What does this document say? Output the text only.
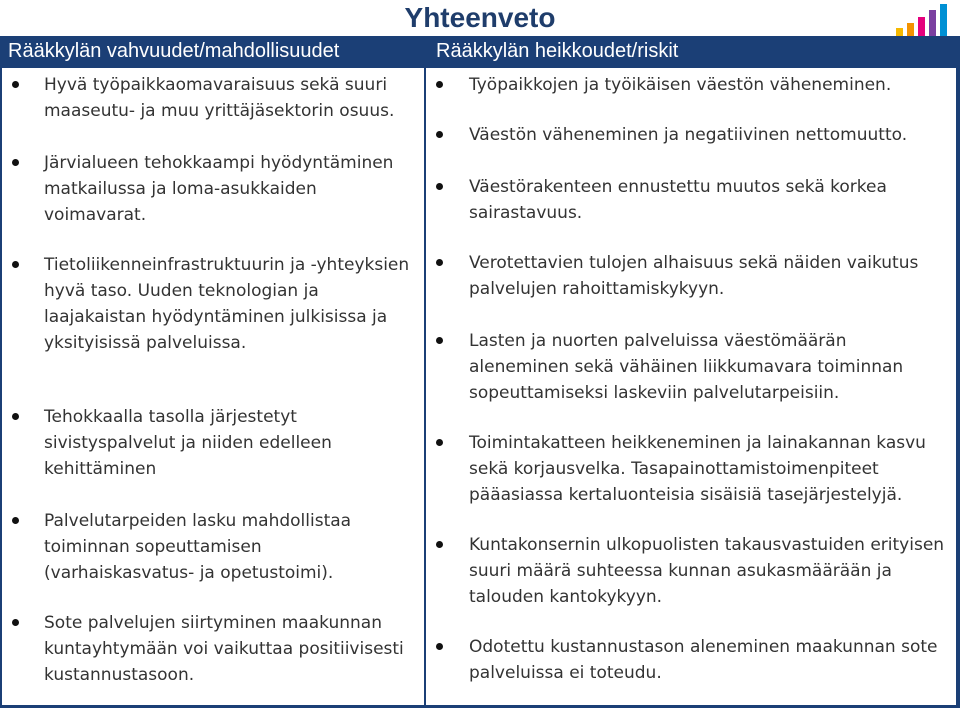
Yhteenveto
Rääkkylän vahvuudet/mahdollisuudet	Rääkkylän heikkoudet/riskit
Hyvä työpaikkaomavaraisuus sekä suuri maaseutu- ja muu yrittäjäsektorin osuus.
Järvialueen tehokkaampi hyödyntäminen matkailussa ja loma-asukkaiden voimavarat.
Tietoliikenneinfrastruktuurin ja -yhteyksien hyvä taso. Uuden teknologian ja laajakaistan hyödyntäminen julkisissa ja yksityisissä palveluissa.
Tehokkaalla tasolla järjestetyt sivistyspalvelut ja niiden edelleen kehittäminen
Palvelutarpeiden lasku mahdollistaa toiminnan sopeuttamisen (varhaiskasvatus- ja opetustoimi).
Sote palvelujen siirtyminen maakunnan kuntayhtymään voi vaikuttaa positiivisesti kustannustasoon.
Työpaikkojen ja työikäisen väestön väheneminen.
Väestön väheneminen ja negatiivinen nettomuutto.
Väestörakenteen ennustettu muutos sekä korkea sairastavuus.
Verotettavien tulojen alhaisuus sekä näiden vaikutus palvelujen rahoittamiskykyyn.
Lasten ja nuorten palveluissa väestömäärän aleneminen sekä vähäinen liikkumavara toiminnan sopeuttamiseksi laskeviin palvelutarpeisiin.
Toimintakatteen heikkeneminen ja lainakannan kasvu sekä korjausvelka. Tasapainottamistoimenpiteet pääasiassa kertaluonteisia sisäisiä tasejärjestelyjä.
Kuntakonsernin ulkopuolisten takausvastuiden erityisen suuri määrä suhteessa kunnan asukasmäärään ja talouden kantokykyyn.
Odotettu kustannustason aleneminen maakunnan sote palveluissa ei toteudu.
